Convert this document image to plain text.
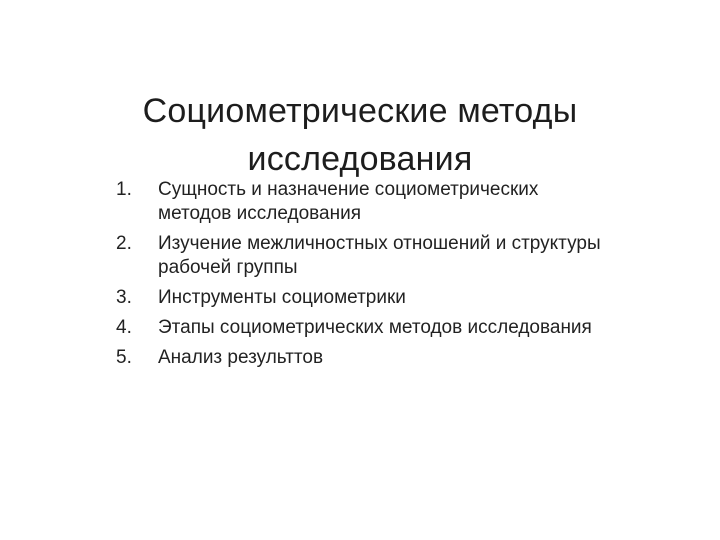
Социометрические методы исследования
1.	Сущность и назначение социометрических методов исследования
2.	Изучение межличностных отношений и структуры рабочей группы
3.	Инструменты социометрики
4.	Этапы социометрических методов исследования
5.	Анализ результтов
